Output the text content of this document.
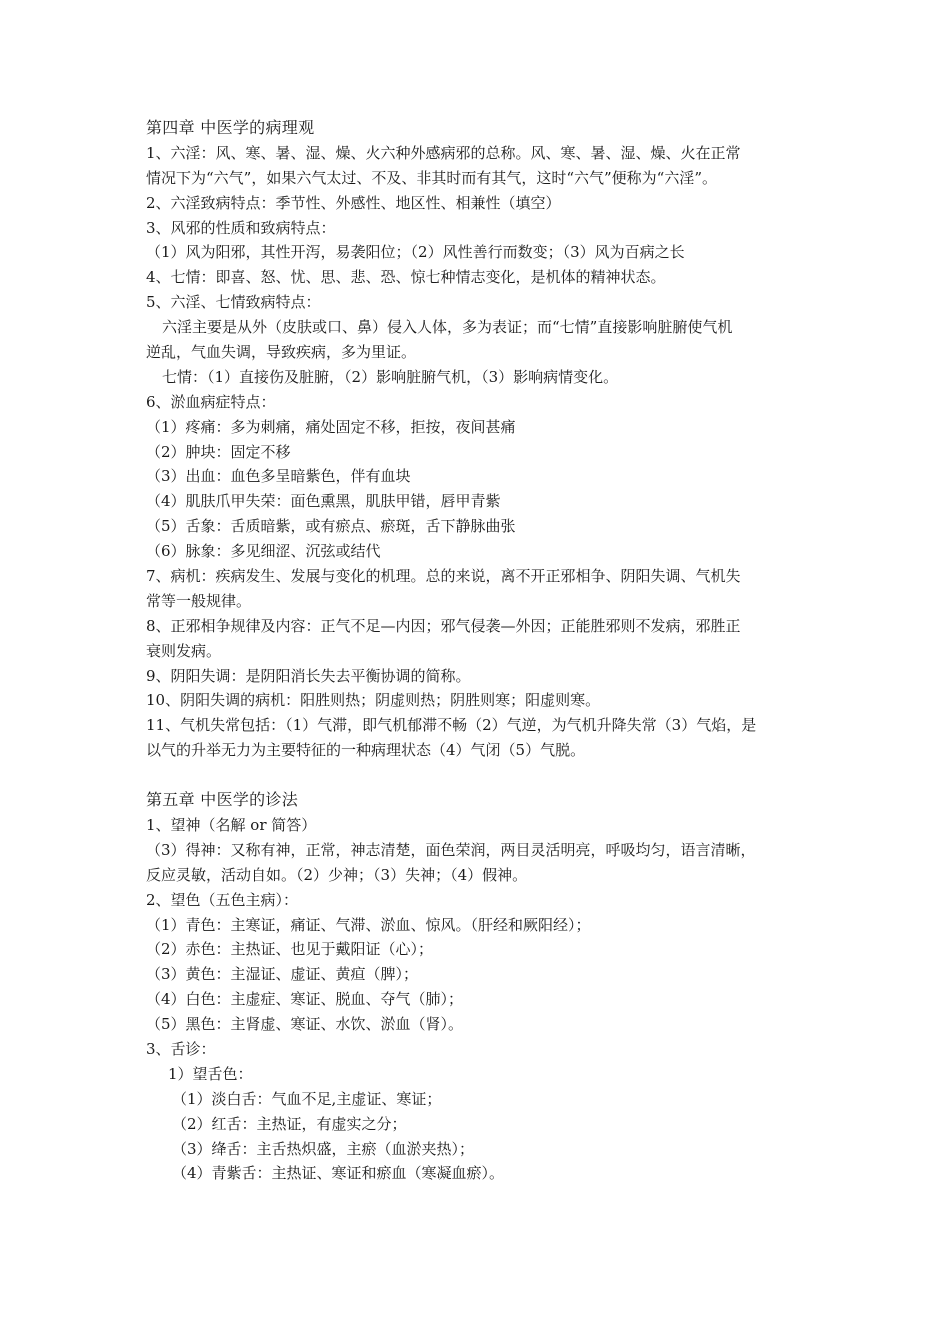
第四章 中医学的病理观
1、六淫：风、寒、暑、湿、燥、火六种外感病邪的总称。风、寒、暑、湿、燥、火在正常
情况下为“六气”，如果六气太过、不及、非其时而有其气，这时“六气”便称为“六淫”。
2、六淫致病特点：季节性、外感性、地区性、相兼性（填空）
3、风邪的性质和致病特点：
（1）风为阳邪，其性开泻，易袭阳位；（2）风性善行而数变；（3）风为百病之长
4、七情：即喜、怒、忧、思、悲、恐、惊七种情志变化，是机体的精神状态。
5、六淫、七情致病特点：
六淫主要是从外（皮肤或口、鼻）侵入人体，多为表证；而“七情”直接影响脏腑使气机
逆乱，气血失调，导致疾病，多为里证。
七情：（1）直接伤及脏腑，（2）影响脏腑气机，（3）影响病情变化。
6、淤血病症特点：
（1）疼痛：多为刺痛，痛处固定不移，拒按，夜间甚痛
（2）肿块：固定不移
（3）出血：血色多呈暗紫色，伴有血块
（4）肌肤爪甲失荣：面色熏黑，肌肤甲错，唇甲青紫
（5）舌象：舌质暗紫，或有瘀点、瘀斑，舌下静脉曲张
（6）脉象：多见细涩、沉弦或结代
7、病机：疾病发生、发展与变化的机理。总的来说，离不开正邪相争、阴阳失调、气机失
常等一般规律。
8、正邪相争规律及内容：正气不足—内因；邪气侵袭—外因；正能胜邪则不发病，邪胜正
衰则发病。
9、阴阳失调：是阴阳消长失去平衡协调的简称。
10、阴阳失调的病机：阳胜则热；阴虚则热；阴胜则寒；阳虚则寒。
11、气机失常包括：（1）气滞，即气机郁滞不畅（2）气逆，为气机升降失常（3）气焰，是
以气的升举无力为主要特征的一种病理状态（4）气闭（5）气脱。
第五章 中医学的诊法
1、望神（名解 or 简答）
（3）得神：又称有神，正常，神志清楚，面色荣润，两目灵活明亮，呼吸均匀，语言清晰，
反应灵敏，活动自如。（2）少神；（3）失神；（4）假神。
2、望色（五色主病）：
（1）青色：主寒证，痛证、气滞、淤血、惊风。（肝经和厥阳经）；
（2）赤色：主热证、也见于戴阳证（心）；
（3）黄色：主湿证、虚证、黄疸（脾）；
（4）白色：主虚症、寒证、脱血、夺气（肺）；
（5）黑色：主肾虚、寒证、水饮、淤血（肾）。
3、舌诊：
1）望舌色：
（1）淡白舌：气血不足,主虚证、寒证；
（2）红舌：主热证，有虚实之分；
（3）绛舌：主舌热炽盛，主瘀（血淤夹热）；
（4）青紫舌：主热证、寒证和瘀血（寒凝血瘀）。
